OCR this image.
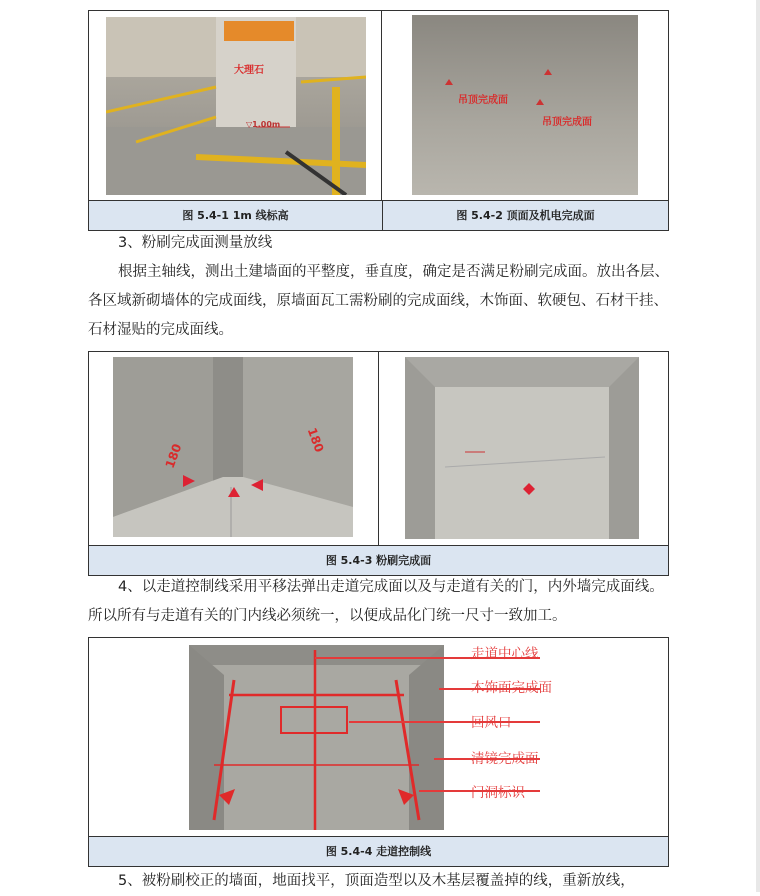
大理石
▽1.00m
吊顶完成面
吊顶完成面
图 5.4-1 1m 线标高	图 5.4-2 顶面及机电完成面
3、粉刷完成面测量放线
根据主轴线，测出土建墙面的平整度，垂直度，确定是否满足粉刷完成面。放出各层、各区域新砌墙体的完成面线，原墙面瓦工需粉刷的完成面线，木饰面、软硬包、石材干挂、石材湿贴的完成面线。
180
180
图 5.4-3 粉刷完成面
4、以走道控制线采用平移法弹出走道完成面以及与走道有关的门，内外墙完成面线。所以所有与走道有关的门内线必须统一，以便成品化门统一尺寸一致加工。
走道中心线
木饰面完成面
回风口
清镜完成面
门洞标识
图 5.4-4 走道控制线
5、被粉刷校正的墙面，地面找平，顶面造型以及木基层覆盖掉的线，重新放线，
